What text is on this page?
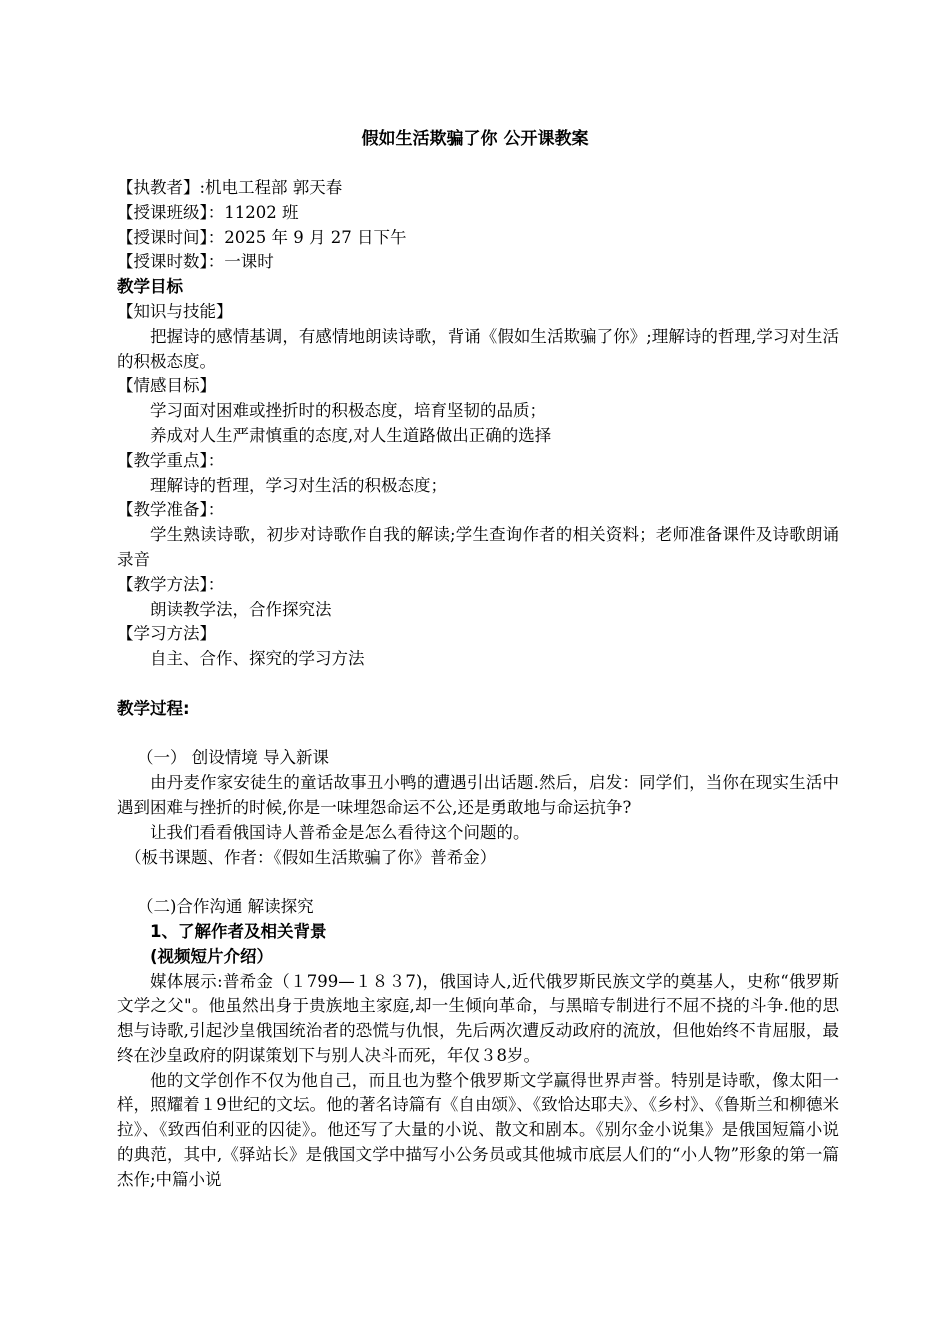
假如生活欺骗了你 公开课教案
【执教者】:机电工程部 郭天春
【授课班级】：11202 班
【授课时间】：2025 年 9 月 27 日下午
【授课时数】：一课时
教学目标
【知识与技能】

把握诗的感情基调，有感情地朗读诗歌，背诵《假如生活欺骗了你》;理解诗的哲理,学习对生活的积极态度。

【情感目标】
学习面对困难或挫折时的积极态度，培育坚韧的品质；
养成对人生严肃慎重的态度,对人生道路做出正确的选择
【教学重点】：
理解诗的哲理，学习对生活的积极态度；
【教学准备】：

学生熟读诗歌，初步对诗歌作自我的解读;学生查询作者的相关资料；老师准备课件及诗歌朗诵录音

【教学方法】：
朗读教学法，合作探究法
【学习方法】
自主、合作、探究的学习方法
教学过程:
（一） 创设情境 导入新课

由丹麦作家安徒生的童话故事丑小鸭的遭遇引出话题.然后，启发：同学们，当你在现实生活中遇到困难与挫折的时候,你是一味埋怨命运不公,还是勇敢地与命运抗争?

让我们看看俄国诗人普希金是怎么看待这个问题的。

（板书课题、作者：《假如生活欺骗了你》普希金）
（二)合作沟通 解读探究
1、了解作者及相关背景
(视频短片介绍）

媒体展示:普希金（１799—１８３7)，俄国诗人,近代俄罗斯民族文学的奠基人，史称“俄罗斯文学之父"。他虽然出身于贵族地主家庭,却一生倾向革命，与黑暗专制进行不屈不挠的斗争.他的思想与诗歌,引起沙皇俄国统治者的恐慌与仇恨，先后两次遭反动政府的流放，但他始终不肯屈服，最终在沙皇政府的阴谋策划下与别人决斗而死，年仅３8岁。

他的文学创作不仅为他自己，而且也为整个俄罗斯文学赢得世界声誉。特别是诗歌，像太阳一样，照耀着１9世纪的文坛。他的著名诗篇有《自由颂》、《致恰达耶夫》、《乡村》、《鲁斯兰和柳德米拉》、《致西伯利亚的囚徒》。他还写了大量的小说、散文和剧本。《别尔金小说集》是俄国短篇小说的典范，其中,《驿站长》是俄国文学中描写小公务员或其他城市底层人们的“小人物”形象的第一篇杰作;中篇小说
